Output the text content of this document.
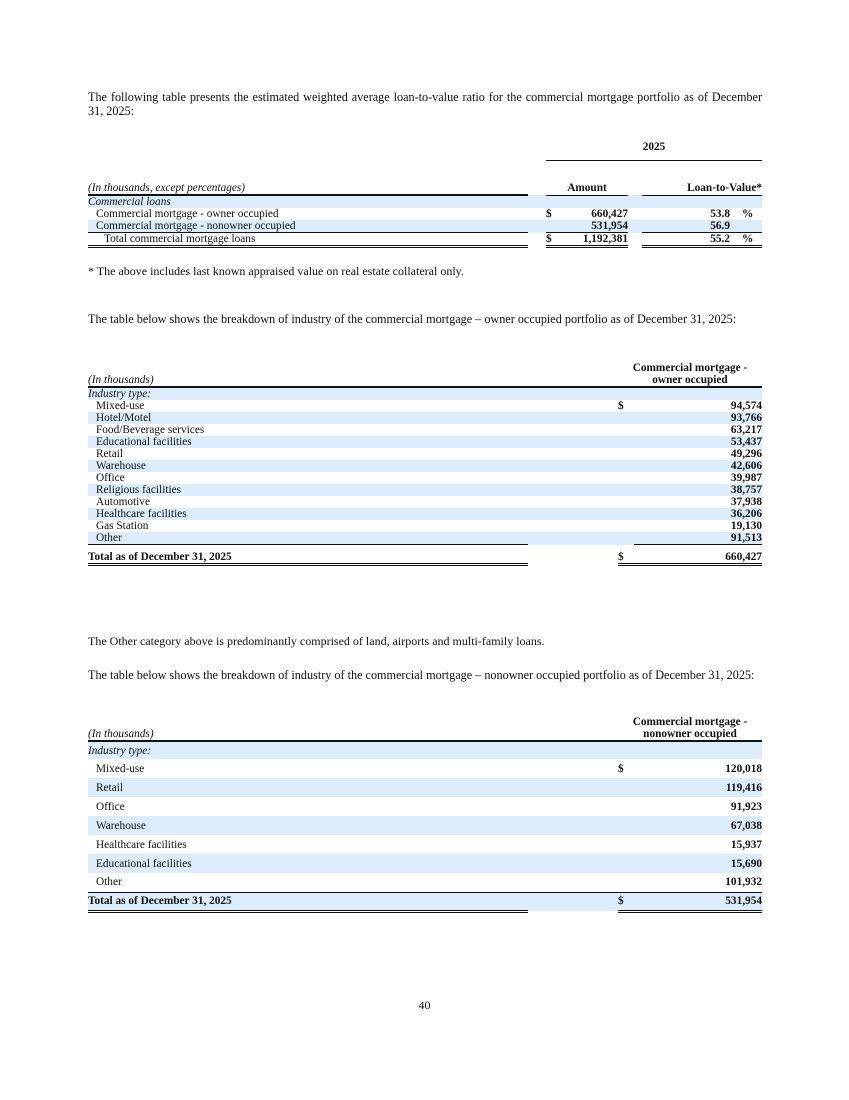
The following table presents the estimated weighted average loan-to-value ratio for the commercial mortgage portfolio as of December 31, 2025:
		2025					

(In thousands, except percentages)		Amount			Loan-to-Value*		
Commercial loans							
Commercial mortgage - owner occupied		$	660,427		53.8		%
Commercial mortgage - nonowner occupied			531,954		56.9		
Total commercial mortgage loans		$	1,192,381		55.2		%
* The above includes last known appraised value on real estate collateral only.
The table below shows the breakdown of industry of the commercial mortgage – owner occupied portfolio as of December 31, 2025:
		Commercial mortgage -	
(In thousands)		owner occupied	
Industry type:			
Mixed-use		$	94,574
Hotel/Motel			93,766
Food/Beverage services			63,217
Educational facilities			53,437
Retail			49,296
Warehouse			42,606
Office			39,987
Religious facilities			38,757
Automotive			37,938
Healthcare facilities			36,206
Gas Station			19,130
Other			91,513

Total as of December 31, 2025		$	660,427
The Other category above is predominantly comprised of land, airports and multi-family loans.
The table below shows the breakdown of industry of the commercial mortgage – nonowner occupied portfolio as of December 31, 2025:
		Commercial mortgage -	
(In thousands)		nonowner occupied	
Industry type:			
Mixed-use		$	120,018
Retail			119,416
Office			91,923
Warehouse			67,038
Healthcare facilities			15,937
Educational facilities			15,690
Other			101,932
Total as of December 31, 2025		$	531,954
40
